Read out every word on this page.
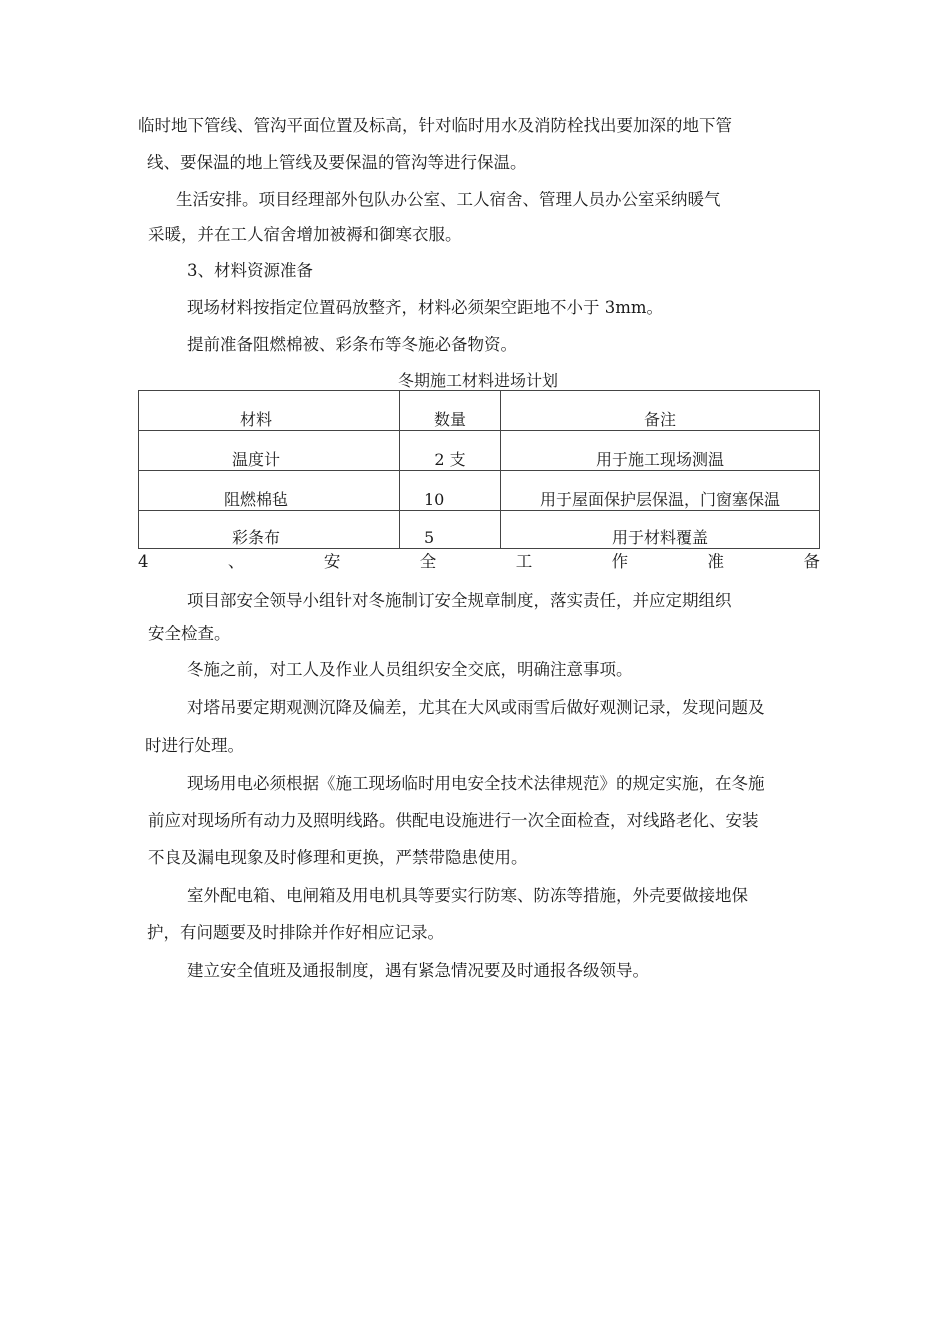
临时地下管线、管沟平面位置及标高，针对临时用水及消防栓找出要加深的地下管
线、要保温的地上管线及要保温的管沟等进行保温。
生活安排。项目经理部外包队办公室、工人宿舍、管理人员办公室采纳暖气
采暖，并在工人宿舍增加被褥和御寒衣服。
3、材料资源准备
现场材料按指定位置码放整齐，材料必须架空距地不小于 3mm。
提前准备阻燃棉被、彩条布等冬施必备物资。
冬期施工材料进场计划
材料	数量	备注
温度计	2 支	用于施工现场测温
阻燃棉毡	10	用于屋面保护层保温，门窗塞保温
彩条布	5	用于材料覆盖
4	、	安	全	工	作	准	备
项目部安全领导小组针对冬施制订安全规章制度，落实责任，并应定期组织
安全检查。
冬施之前，对工人及作业人员组织安全交底，明确注意事项。
对塔吊要定期观测沉降及偏差，尤其在大风或雨雪后做好观测记录，发现问题及
时进行处理。
现场用电必须根据《施工现场临时用电安全技术法律规范》的规定实施，在冬施
前应对现场所有动力及照明线路。供配电设施进行一次全面检查，对线路老化、安装
不良及漏电现象及时修理和更换，严禁带隐患使用。
室外配电箱、电闸箱及用电机具等要实行防寒、防冻等措施，外壳要做接地保
护，有问题要及时排除并作好相应记录。
建立安全值班及通报制度，遇有紧急情况要及时通报各级领导。
